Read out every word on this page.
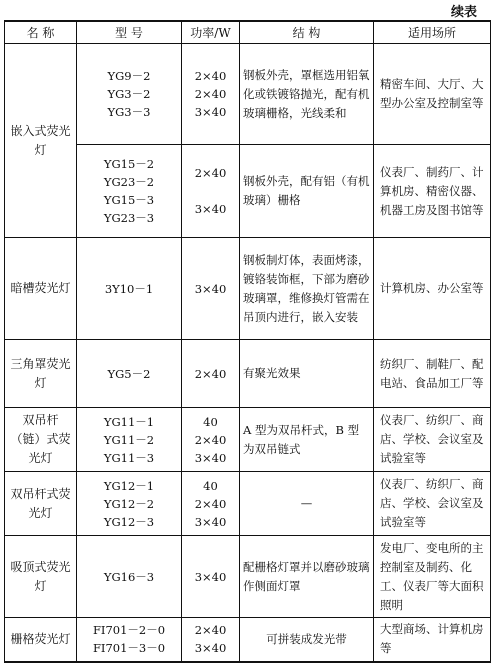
续表
名 称	型 号	功率/W	结 构	适用场所
嵌入式荧光灯	YG9－2
YG3－2
YG3－3	2×40
2×40
3×40	钢板外壳，罩框选用铝氧化或铁镀铬抛光，配有机玻璃栅格，光线柔和	精密车间、大厅、大型办公室及控制室等

	YG15－2
YG23－2
YG15－3
YG23－3	2×40
3×40	钢板外壳，配有铝（有机玻璃）栅格	仪表厂、制药厂、计算机房、精密仪器、机器工房及图书馆等
暗槽荧光灯	3Y10－1	3×40	钢板制灯体，表面烤漆，镀铬装饰框，下部为磨砂玻璃罩，维修换灯管需在吊顶内进行，嵌入安装	计算机房、办公室等
三角罩荧光灯	YG5－2	2×40	有聚光效果	纺织厂、制鞋厂、配电站、食品加工厂等
双吊杆（链）式荧光灯	YG11－1
YG11－2
YG11－3	40
2×40
3×40	A 型为双吊杆式，B 型为双吊链式	仪表厂、纺织厂、商店、学校、会议室及试验室等
双吊杆式荧光灯	YG12－1
YG12－2
YG12－3	40
2×40
3×40	—	仪表厂、纺织厂、商店、学校、会议室及试验室等
吸顶式荧光灯	YG16－3	3×40	配栅格灯罩并以磨砂玻璃作侧面灯罩	发电厂、变电所的主控制室及制药、化工、仪表厂等大面积照明
栅格荧光灯	FI701－2－0
FI701－3－0	2×40
3×40	可拼装成发光带	大型商场、计算机房等
